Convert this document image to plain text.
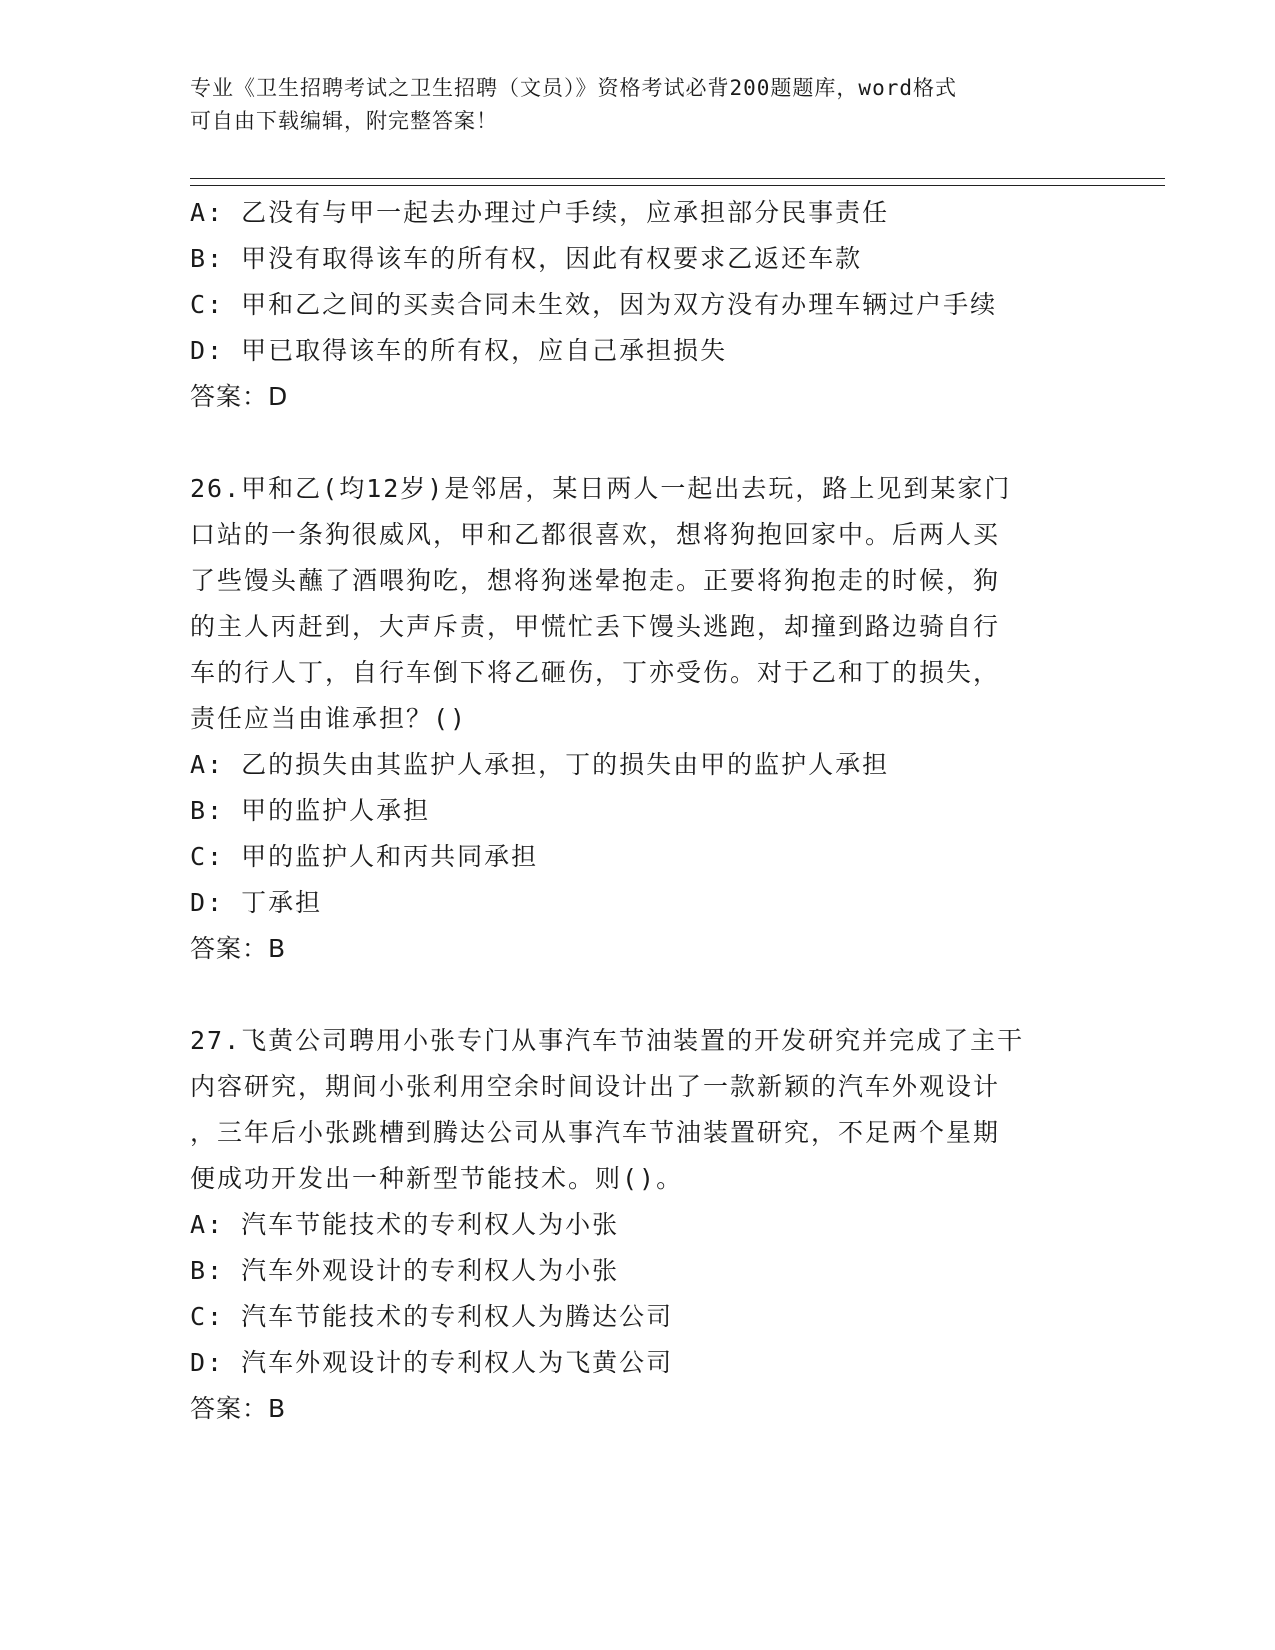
专业《卫生招聘考试之卫生招聘（文员）》资格考试必背200题题库，word格式
可自由下载编辑，附完整答案！
A: 乙没有与甲一起去办理过户手续，应承担部分民事责任
B: 甲没有取得该车的所有权，因此有权要求乙返还车款
C: 甲和乙之间的买卖合同未生效，因为双方没有办理车辆过户手续
D: 甲已取得该车的所有权，应自己承担损失
答案：D
26.甲和乙(均12岁)是邻居，某日两人一起出去玩，路上见到某家门
口站的一条狗很威风，甲和乙都很喜欢，想将狗抱回家中。后两人买
了些馒头蘸了酒喂狗吃，想将狗迷晕抱走。正要将狗抱走的时候，狗
的主人丙赶到，大声斥责，甲慌忙丢下馒头逃跑，却撞到路边骑自行
车的行人丁，自行车倒下将乙砸伤，丁亦受伤。对于乙和丁的损失，
责任应当由谁承担？()
A: 乙的损失由其监护人承担，丁的损失由甲的监护人承担
B: 甲的监护人承担
C: 甲的监护人和丙共同承担
D: 丁承担
答案：B
27.飞黄公司聘用小张专门从事汽车节油装置的开发研究并完成了主干
内容研究，期间小张利用空余时间设计出了一款新颖的汽车外观设计
，三年后小张跳槽到腾达公司从事汽车节油装置研究，不足两个星期
便成功开发出一种新型节能技术。则()。
A: 汽车节能技术的专利权人为小张
B: 汽车外观设计的专利权人为小张
C: 汽车节能技术的专利权人为腾达公司
D: 汽车外观设计的专利权人为飞黄公司
答案：B
